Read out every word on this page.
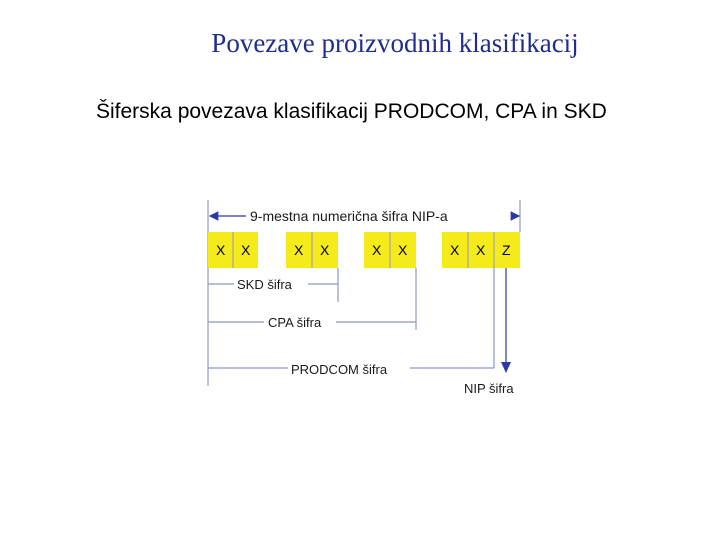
Povezave proizvodnih klasifikacij
Šiferska povezava klasifikacij PRODCOM, CPA in SKD
9-mestna numerična šifra NIP-a
X X	X X	X X	X X Z
SKD šifra
CPA šifra
PRODCOM šifra
NIP šifra
